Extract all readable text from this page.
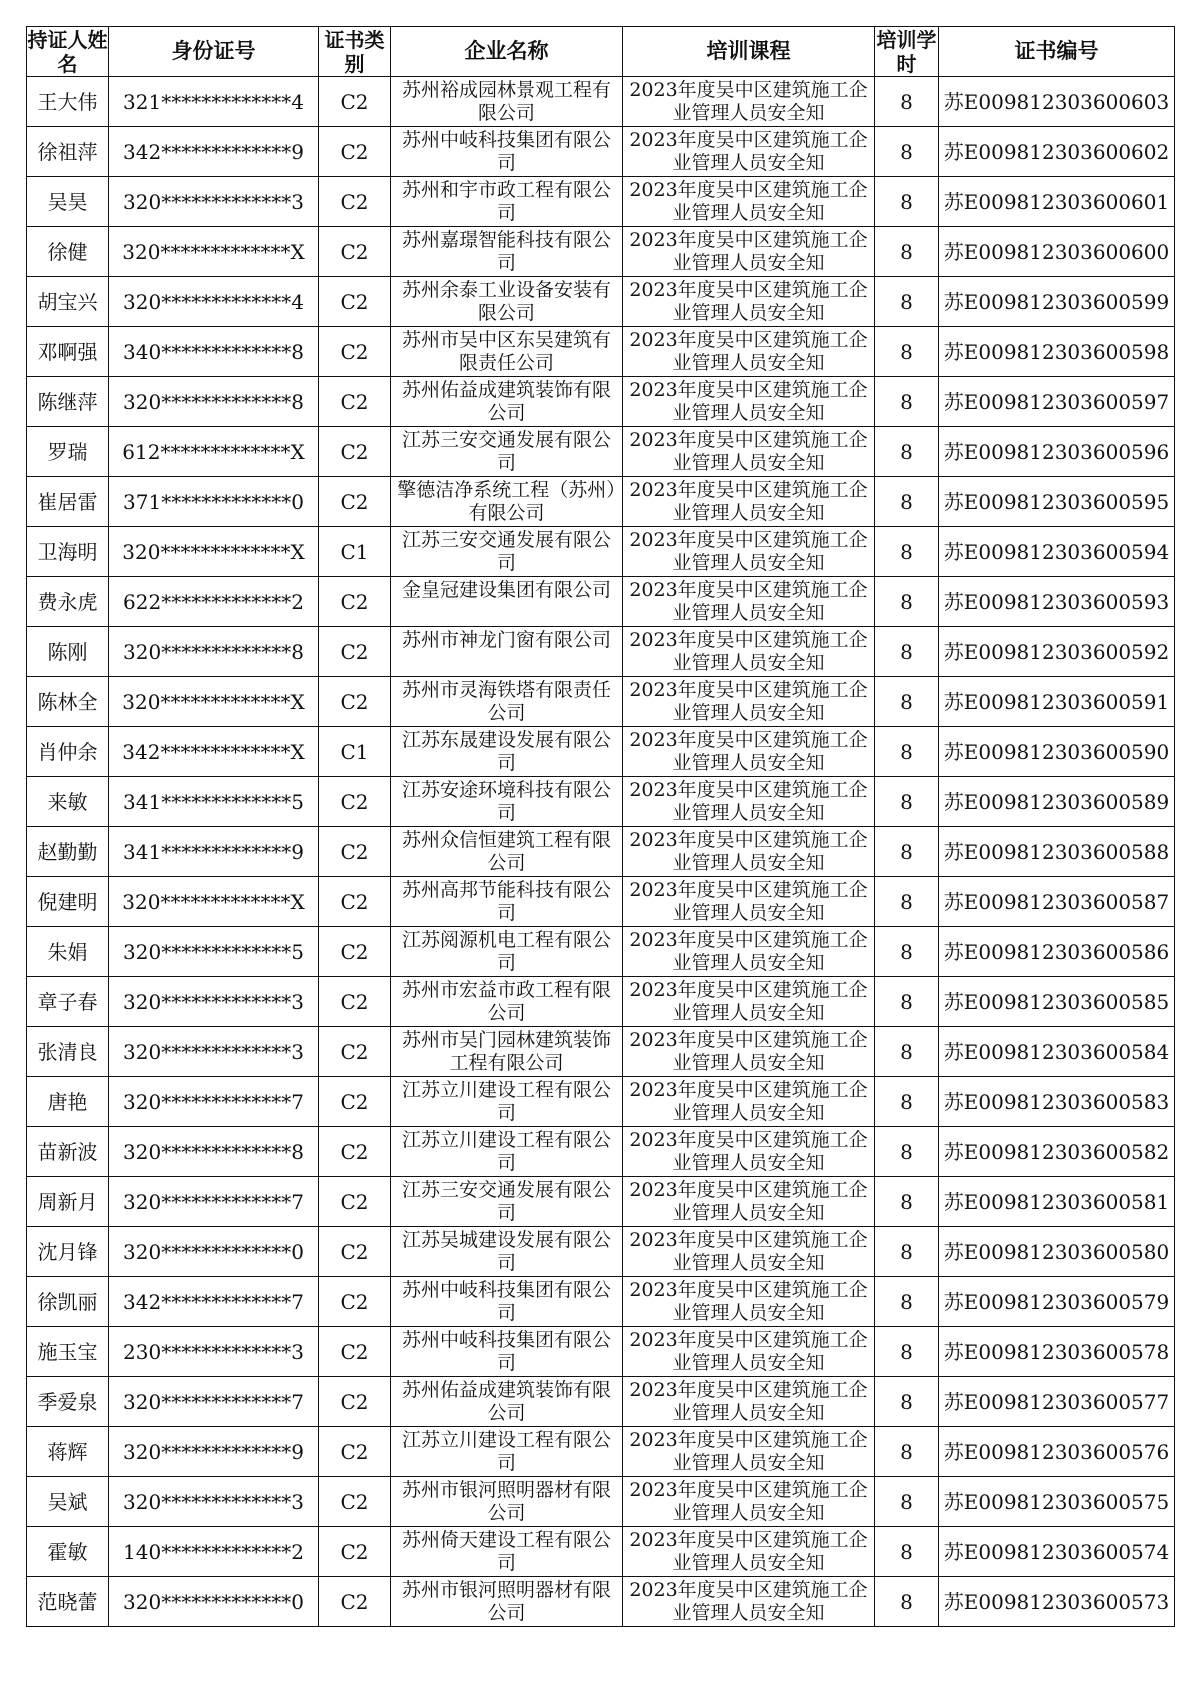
持证人姓名	身份证号	证书类别	企业名称	培训课程	培训学时	证书编号
王大伟	321*************4	C2	苏州裕成园林景观工程有限公司	2023年度吴中区建筑施工企业管理人员安全知	8	苏E009812303600603
徐祖萍	342*************9	C2	苏州中岐科技集团有限公司	2023年度吴中区建筑施工企业管理人员安全知	8	苏E009812303600602
吴昊	320*************3	C2	苏州和宇市政工程有限公司	2023年度吴中区建筑施工企业管理人员安全知	8	苏E009812303600601
徐健	320*************X	C2	苏州嘉璟智能科技有限公司	2023年度吴中区建筑施工企业管理人员安全知	8	苏E009812303600600
胡宝兴	320*************4	C2	苏州余泰工业设备安装有限公司	2023年度吴中区建筑施工企业管理人员安全知	8	苏E009812303600599
邓啊强	340*************8	C2	苏州市吴中区东吴建筑有限责任公司	2023年度吴中区建筑施工企业管理人员安全知	8	苏E009812303600598
陈继萍	320*************8	C2	苏州佑益成建筑装饰有限公司	2023年度吴中区建筑施工企业管理人员安全知	8	苏E009812303600597
罗瑞	612*************X	C2	江苏三安交通发展有限公司	2023年度吴中区建筑施工企业管理人员安全知	8	苏E009812303600596
崔居雷	371*************0	C2	擎德洁净系统工程（苏州）有限公司	2023年度吴中区建筑施工企业管理人员安全知	8	苏E009812303600595
卫海明	320*************X	C1	江苏三安交通发展有限公司	2023年度吴中区建筑施工企业管理人员安全知	8	苏E009812303600594
费永虎	622*************2	C2	金皇冠建设集团有限公司	2023年度吴中区建筑施工企业管理人员安全知	8	苏E009812303600593
陈刚	320*************8	C2	苏州市神龙门窗有限公司	2023年度吴中区建筑施工企业管理人员安全知	8	苏E009812303600592
陈林全	320*************X	C2	苏州市灵海铁塔有限责任公司	2023年度吴中区建筑施工企业管理人员安全知	8	苏E009812303600591
肖仲余	342*************X	C1	江苏东晟建设发展有限公司	2023年度吴中区建筑施工企业管理人员安全知	8	苏E009812303600590
来敏	341*************5	C2	江苏安途环境科技有限公司	2023年度吴中区建筑施工企业管理人员安全知	8	苏E009812303600589
赵勤勤	341*************9	C2	苏州众信恒建筑工程有限公司	2023年度吴中区建筑施工企业管理人员安全知	8	苏E009812303600588
倪建明	320*************X	C2	苏州高邦节能科技有限公司	2023年度吴中区建筑施工企业管理人员安全知	8	苏E009812303600587
朱娟	320*************5	C2	江苏阅源机电工程有限公司	2023年度吴中区建筑施工企业管理人员安全知	8	苏E009812303600586
章子春	320*************3	C2	苏州市宏益市政工程有限公司	2023年度吴中区建筑施工企业管理人员安全知	8	苏E009812303600585
张清良	320*************3	C2	苏州市吴门园林建筑装饰工程有限公司	2023年度吴中区建筑施工企业管理人员安全知	8	苏E009812303600584
唐艳	320*************7	C2	江苏立川建设工程有限公司	2023年度吴中区建筑施工企业管理人员安全知	8	苏E009812303600583
苗新波	320*************8	C2	江苏立川建设工程有限公司	2023年度吴中区建筑施工企业管理人员安全知	8	苏E009812303600582
周新月	320*************7	C2	江苏三安交通发展有限公司	2023年度吴中区建筑施工企业管理人员安全知	8	苏E009812303600581
沈月锋	320*************0	C2	江苏吴城建设发展有限公司	2023年度吴中区建筑施工企业管理人员安全知	8	苏E009812303600580
徐凯丽	342*************7	C2	苏州中岐科技集团有限公司	2023年度吴中区建筑施工企业管理人员安全知	8	苏E009812303600579
施玉宝	230*************3	C2	苏州中岐科技集团有限公司	2023年度吴中区建筑施工企业管理人员安全知	8	苏E009812303600578
季爱泉	320*************7	C2	苏州佑益成建筑装饰有限公司	2023年度吴中区建筑施工企业管理人员安全知	8	苏E009812303600577
蒋辉	320*************9	C2	江苏立川建设工程有限公司	2023年度吴中区建筑施工企业管理人员安全知	8	苏E009812303600576
吴斌	320*************3	C2	苏州市银河照明器材有限公司	2023年度吴中区建筑施工企业管理人员安全知	8	苏E009812303600575
霍敏	140*************2	C2	苏州倚天建设工程有限公司	2023年度吴中区建筑施工企业管理人员安全知	8	苏E009812303600574
范晓蕾	320*************0	C2	苏州市银河照明器材有限公司	2023年度吴中区建筑施工企业管理人员安全知	8	苏E009812303600573
